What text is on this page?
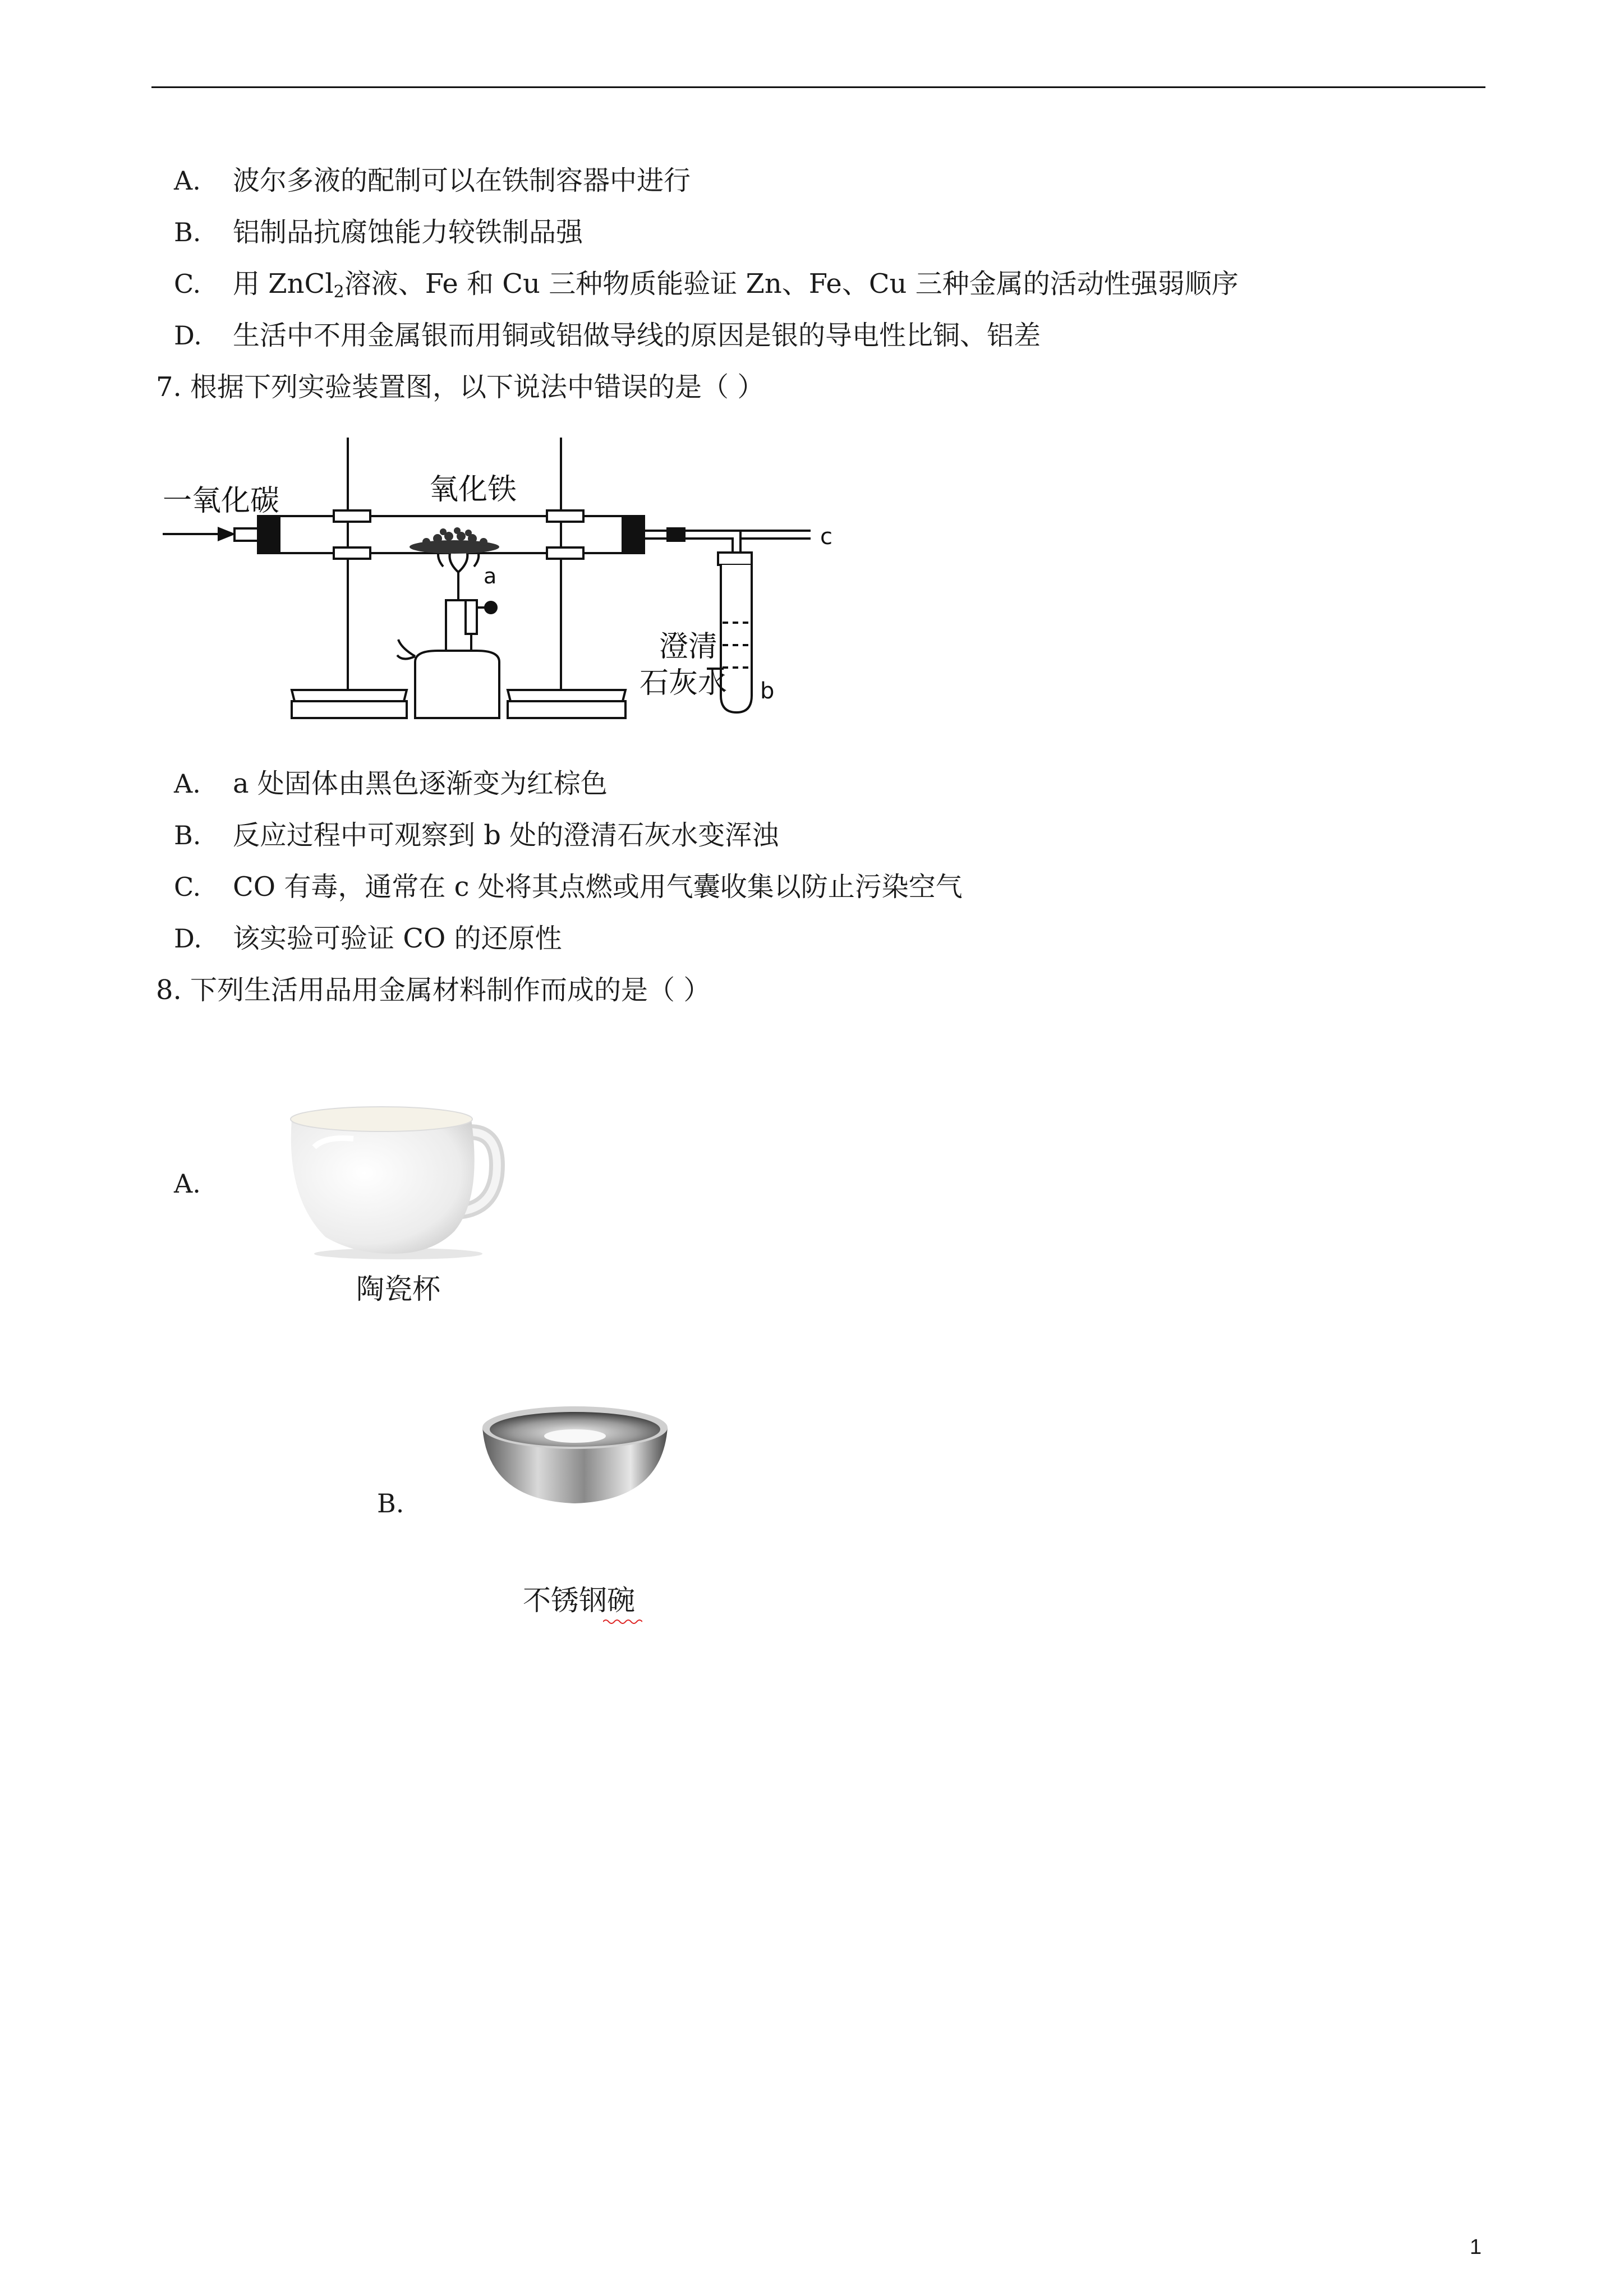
A. 波尔多液的配制可以在铁制容器中进行
B. 铝制品抗腐蚀能力较铁制品强
C. 用 ZnCl$_2$溶液、Fe 和 Cu 三种物质能验证 Zn、Fe、Cu 三种金属的活动性强弱顺序
D. 生活中不用金属银而用铜或铝做导线的原因是银的导电性比铜、铝差
7. 根据下列实验装置图，以下说法中错误的是（ ）
一氧化碳	氧化铁
a
b
c
澄清
石灰水
A. a 处固体由黑色逐渐变为红棕色
B. 反应过程中可观察到 b 处的澄清石灰水变浑浊
C. CO 有毒，通常在 c 处将其点燃或用气囊收集以防止污染空气
D. 该实验可验证 CO 的还原性
8. 下列生活用品用金属材料制作而成的是（ ）
A.
陶瓷杯
B.
不锈钢碗
1
